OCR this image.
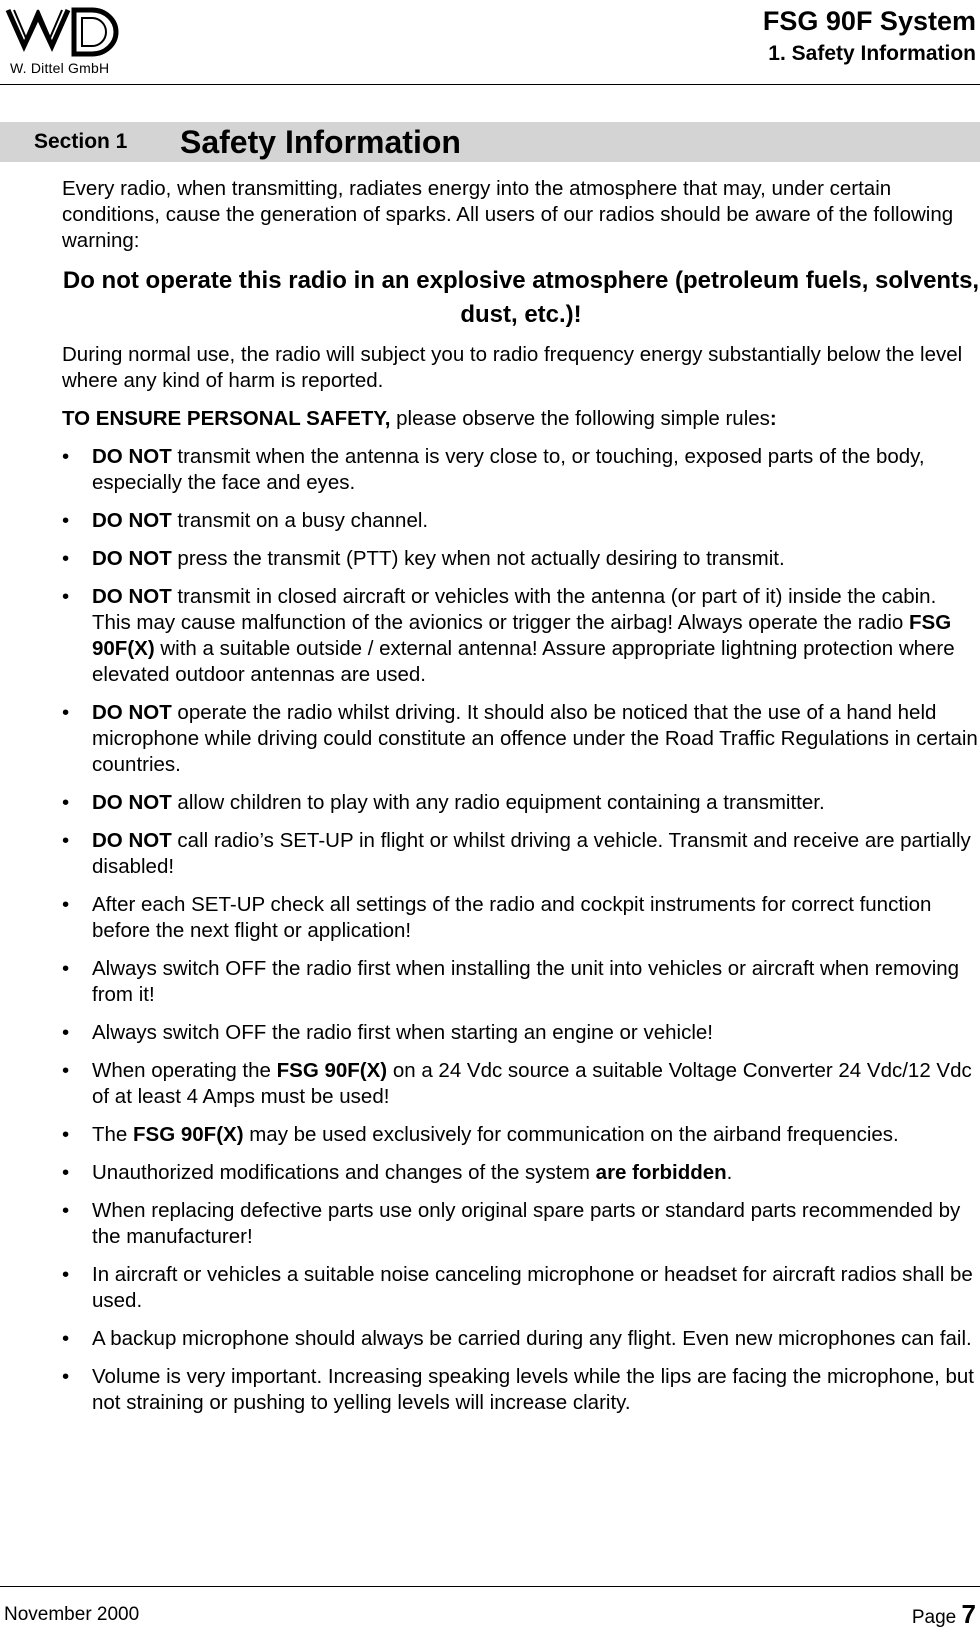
W. Dittel GmbH
FSG 90F System
1. Safety Information
Section 1 Safety Information

Every radio, when transmitting, radiates energy into the atmosphere that may, under certain conditions, cause the generation of sparks. All users of our radios should be aware of the following warning:

Do not operate this radio in an explosive atmosphere (petroleum fuels, solvents, dust, etc.)!

During normal use, the radio will subject you to radio frequency energy substantially below the level where any kind of harm is reported.

TO ENSURE PERSONAL SAFETY, please observe the following simple rules:

• DO NOT transmit when the antenna is very close to, or touching, exposed parts of the body, especially the face and eyes.
• DO NOT transmit on a busy channel.
• DO NOT press the transmit (PTT) key when not actually desiring to transmit.
• DO NOT transmit in closed aircraft or vehicles with the antenna (or part of it) inside the cabin. This may cause malfunction of the avionics or trigger the airbag! Always operate the radio FSG 90F(X) with a suitable outside / external antenna! Assure appropriate lightning protection where elevated outdoor antennas are used.
• DO NOT operate the radio whilst driving. It should also be noticed that the use of a hand held microphone while driving could constitute an offence under the Road Traffic Regulations in certain countries.
• DO NOT allow children to play with any radio equipment containing a transmitter.
• DO NOT call radio’s SET-UP in flight or whilst driving a vehicle. Transmit and receive are partially disabled!
• After each SET-UP check all settings of the radio and cockpit instruments for correct function before the next flight or application!
• Always switch OFF the radio first when installing the unit into vehicles or aircraft when removing from it!
• Always switch OFF the radio first when starting an engine or vehicle!
• When operating the FSG 90F(X) on a 24 Vdc source a suitable Voltage Converter 24 Vdc/12 Vdc of at least 4 Amps must be used!
• The FSG 90F(X) may be used exclusively for communication on the airband frequencies.
• Unauthorized modifications and changes of the system are forbidden.
• When replacing defective parts use only original spare parts or standard parts recommended by the manufacturer!
• In aircraft or vehicles a suitable noise canceling microphone or headset for aircraft radios shall be used.
• A backup microphone should always be carried during any flight. Even new microphones can fail.
• Volume is very important. Increasing speaking levels while the lips are facing the microphone, but not straining or pushing to yelling levels will increase clarity.
November 2000	Page 7
